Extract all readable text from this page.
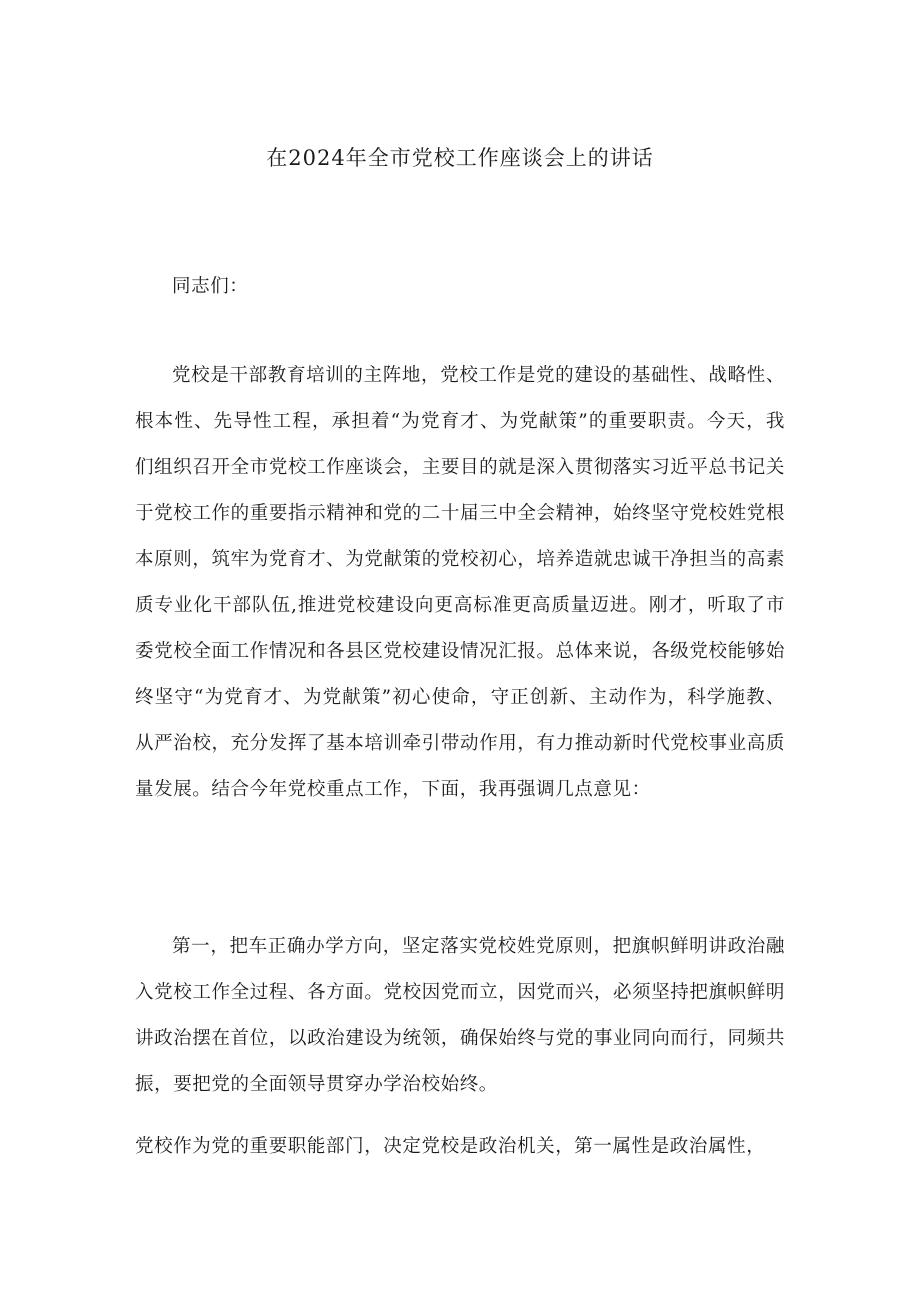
在2024年全市党校工作座谈会上的讲话

同志们：

党校是干部教育培训的主阵地，党校工作是党的建设的基础性、战略性、根本性、先导性工程，承担着“为党育才、为党献策”的重要职责。今天，我们组织召开全市党校工作座谈会，主要目的就是深入贯彻落实习近平总书记关于党校工作的重要指示精神和党的二十届三中全会精神，始终坚守党校姓党根本原则，筑牢为党育才、为党献策的党校初心，培养造就忠诚干净担当的高素质专业化干部队伍,推进党校建设向更高标准更高质量迈进。刚才，听取了市委党校全面工作情况和各县区党校建设情况汇报。总体来说，各级党校能够始终坚守“为党育才、为党献策”初心使命，守正创新、主动作为，科学施教、从严治校，充分发挥了基本培训牵引带动作用，有力推动新时代党校事业高质量发展。结合今年党校重点工作，下面，我再强调几点意见：

第一，把车正确办学方向，坚定落实党校姓党原则，把旗帜鲜明讲政治融入党校工作全过程、各方面。党校因党而立，因党而兴，必须坚持把旗帜鲜明讲政治摆在首位，以政治建设为统领，确保始终与党的事业同向而行，同频共振，要把党的全面领导贯穿办学治校始终。

党校作为党的重要职能部门，决定党校是政治机关，第一属性是政治属性，
